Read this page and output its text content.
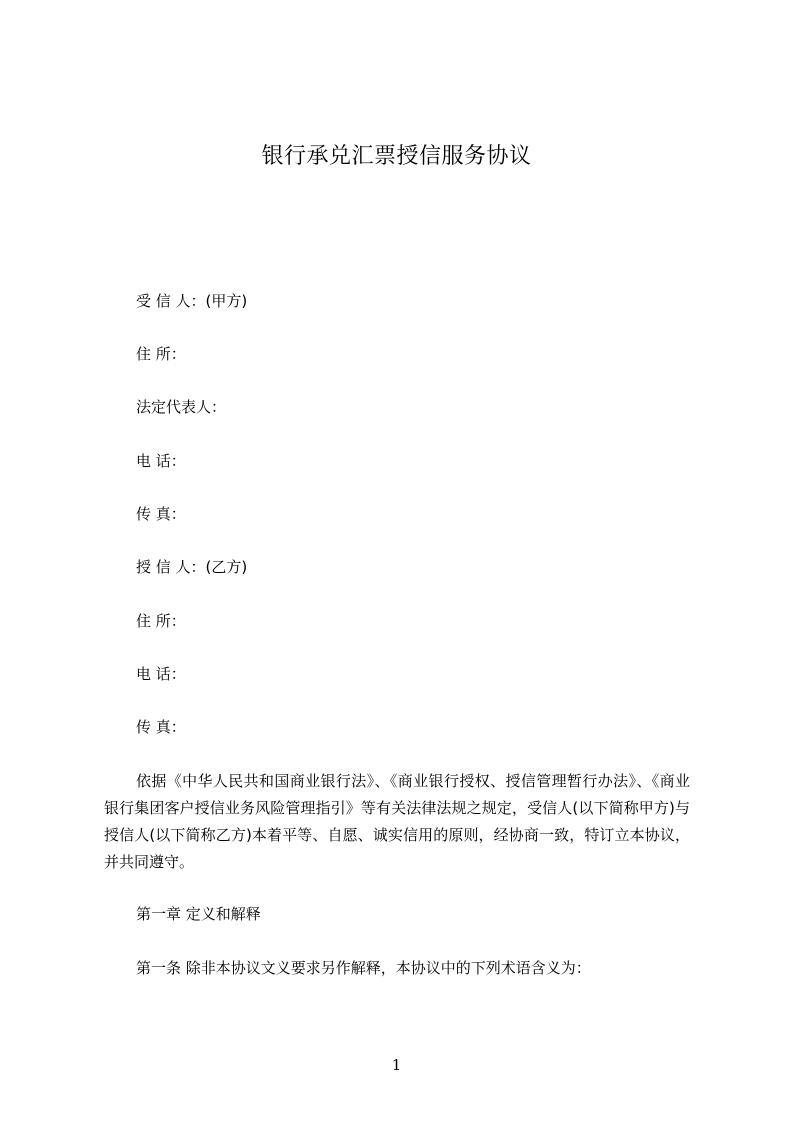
银行承兑汇票授信服务协议
受 信 人：(甲方)
住 所：
法定代表人：
电 话：
传 真：
授 信 人：(乙方)
住 所：
电 话：
传 真：
依据《中华人民共和国商业银行法》、《商业银行授权、授信管理暂行办法》、《商业银行集团客户授信业务风险管理指引》等有关法律法规之规定，受信人(以下简称甲方)与授信人(以下简称乙方)本着平等、自愿、诚实信用的原则，经协商一致，特订立本协议，并共同遵守。
第一章 定义和解释
第一条 除非本协议文义要求另作解释，本协议中的下列术语含义为：
1
